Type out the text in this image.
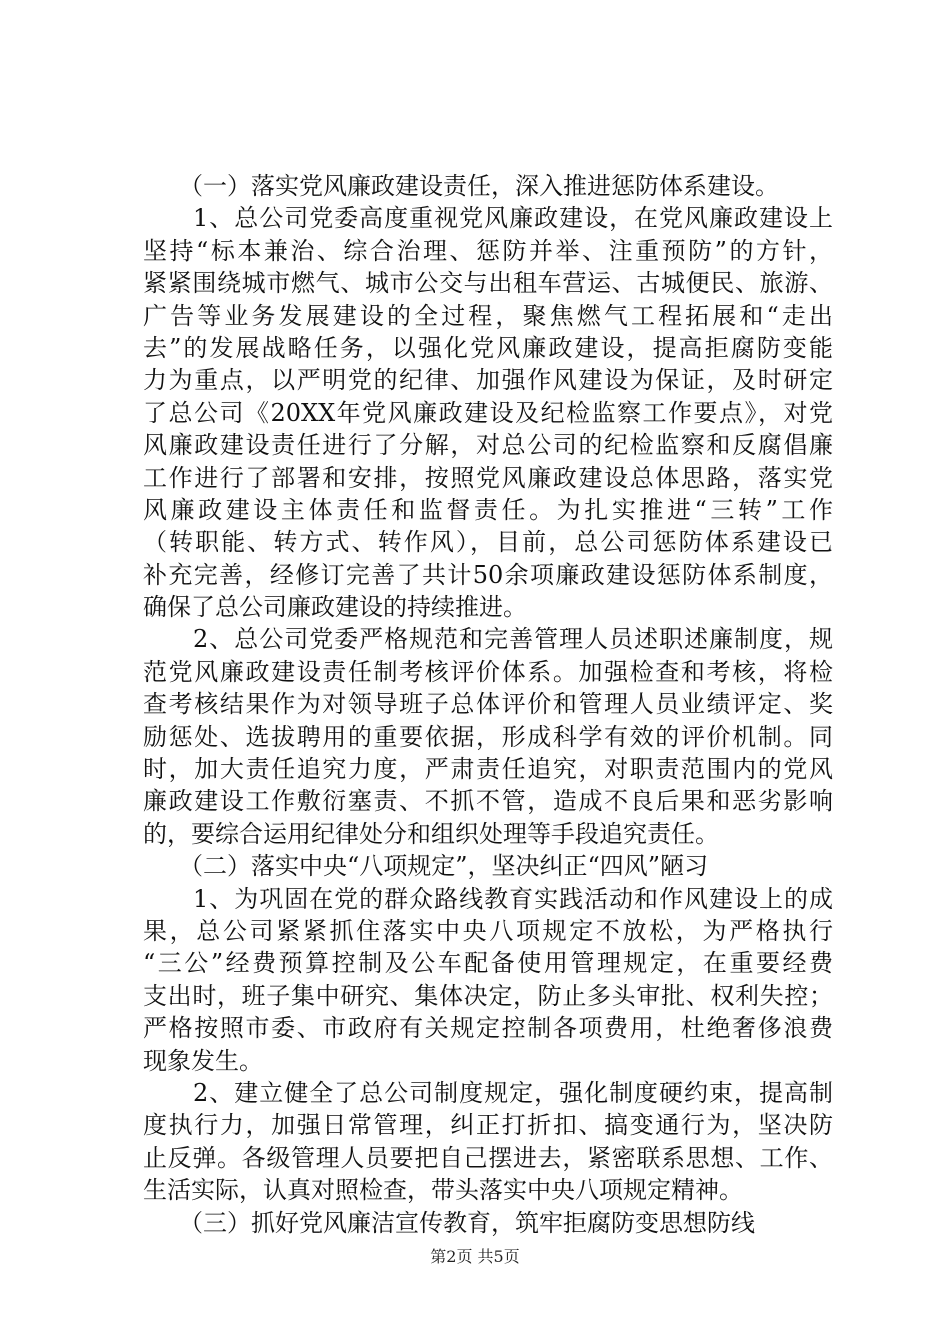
　　（一）落实党风廉政建设责任，深入推进惩防体系建设。
　　1、总公司党委高度重视党风廉政建设，在党风廉政建设上
坚持“标本兼治、综合治理、惩防并举、注重预防”的方针，
紧紧围绕城市燃气、城市公交与出租车营运、古城便民、旅游、
广告等业务发展建设的全过程，聚焦燃气工程拓展和“走出
去”的发展战略任务，以强化党风廉政建设，提高拒腐防变能
力为重点，以严明党的纪律、加强作风建设为保证，及时研定
了总公司《20XX年党风廉政建设及纪检监察工作要点》，对党
风廉政建设责任进行了分解，对总公司的纪检监察和反腐倡廉
工作进行了部署和安排，按照党风廉政建设总体思路，落实党
风廉政建设主体责任和监督责任。为扎实推进“三转”工作
（转职能、转方式、转作风），目前，总公司惩防体系建设已
补充完善，经修订完善了共计50余项廉政建设惩防体系制度，
确保了总公司廉政建设的持续推进。
　　2、总公司党委严格规范和完善管理人员述职述廉制度，规
范党风廉政建设责任制考核评价体系。加强检查和考核，将检
查考核结果作为对领导班子总体评价和管理人员业绩评定、奖
励惩处、选拔聘用的重要依据，形成科学有效的评价机制。同
时，加大责任追究力度，严肃责任追究，对职责范围内的党风
廉政建设工作敷衍塞责、不抓不管，造成不良后果和恶劣影响
的，要综合运用纪律处分和组织处理等手段追究责任。
　　（二）落实中央“八项规定”，坚决纠正“四风”陋习
　　1、为巩固在党的群众路线教育实践活动和作风建设上的成
果，总公司紧紧抓住落实中央八项规定不放松，为严格执行
“三公”经费预算控制及公车配备使用管理规定，在重要经费
支出时，班子集中研究、集体决定，防止多头审批、权利失控；
严格按照市委、市政府有关规定控制各项费用，杜绝奢侈浪费
现象发生。
　　2、建立健全了总公司制度规定，强化制度硬约束，提高制
度执行力，加强日常管理，纠正打折扣、搞变通行为，坚决防
止反弹。各级管理人员要把自己摆进去，紧密联系思想、工作、
生活实际，认真对照检查，带头落实中央八项规定精神。
　　（三）抓好党风廉洁宣传教育，筑牢拒腐防变思想防线
第2页 共5页
